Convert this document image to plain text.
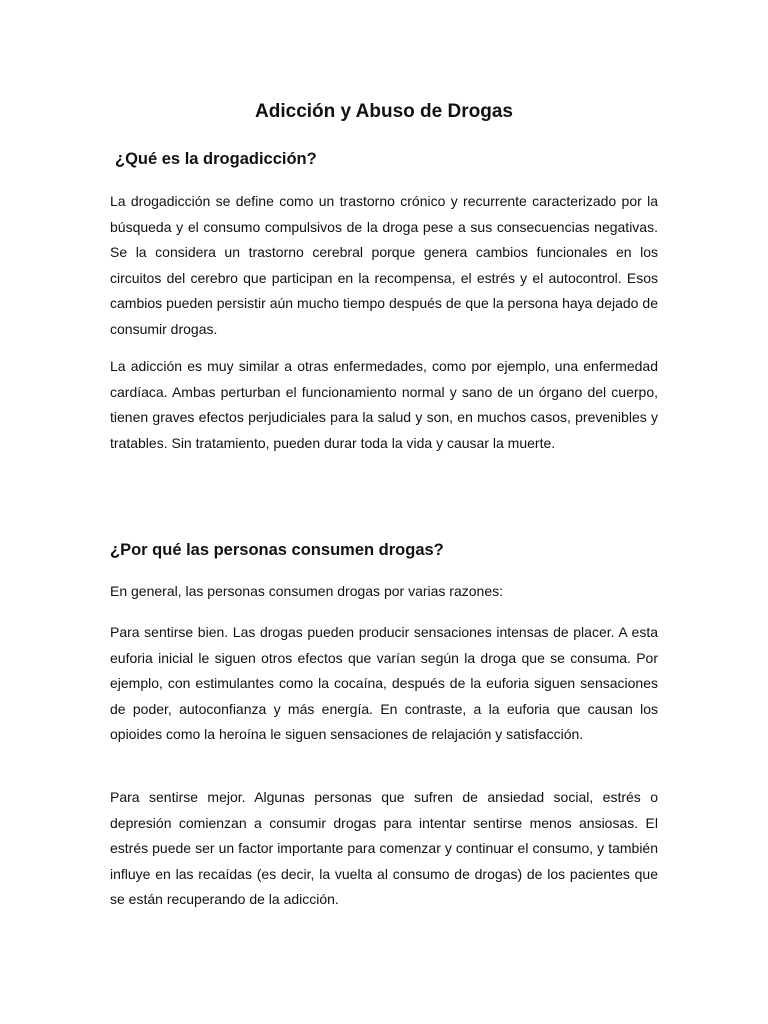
Adicción y Abuso de Drogas
¿Qué es la drogadicción?

La drogadicción se define como un trastorno crónico y recurrente caracterizado por la búsqueda y el consumo compulsivos de la droga pese a sus consecuencias negativas. Se la considera un trastorno cerebral porque genera cambios funcionales en los circuitos del cerebro que participan en la recompensa, el estrés y el autocontrol. Esos cambios pueden persistir aún mucho tiempo después de que la persona haya dejado de consumir drogas.

La adicción es muy similar a otras enfermedades, como por ejemplo, una enfermedad cardíaca. Ambas perturban el funcionamiento normal y sano de un órgano del cuerpo, tienen graves efectos perjudiciales para la salud y son, en muchos casos, prevenibles y tratables. Sin tratamiento, pueden durar toda la vida y causar la muerte.

¿Por qué las personas consumen drogas?

En general, las personas consumen drogas por varias razones:

Para sentirse bien. Las drogas pueden producir sensaciones intensas de placer. A esta euforia inicial le siguen otros efectos que varían según la droga que se consuma. Por ejemplo, con estimulantes como la cocaína, después de la euforia siguen sensaciones de poder, autoconfianza y más energía. En contraste, a la euforia que causan los opioides como la heroína le siguen sensaciones de relajación y satisfacción.

Para sentirse mejor. Algunas personas que sufren de ansiedad social, estrés o depresión comienzan a consumir drogas para intentar sentirse menos ansiosas. El estrés puede ser un factor importante para comenzar y continuar el consumo, y también influye en las recaídas (es decir, la vuelta al consumo de drogas) de los pacientes que se están recuperando de la adicción.
